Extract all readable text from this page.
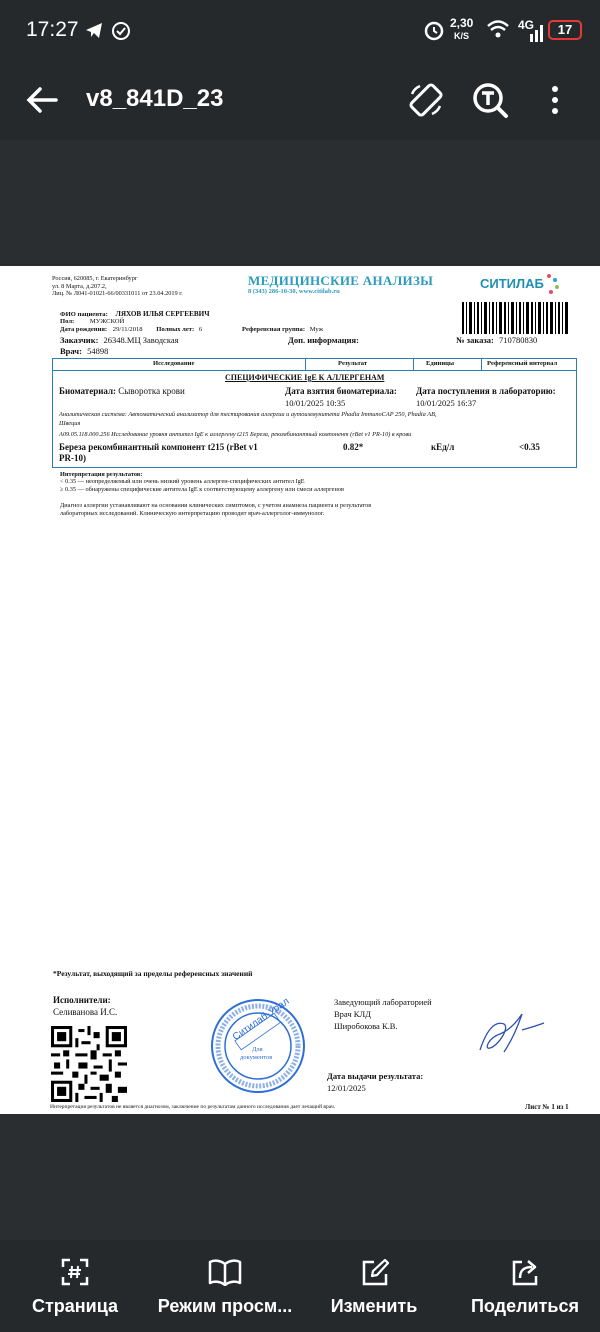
17:27	2,30
K/S
4G	17
v8_841D_23
Россия, 620085, г. Екатеринбург
ул. 8 Марта, д.207.2,
Лиц. № Л041-01021-66/00331011 от 23.04.2019 г.
МЕДИЦИНСКИЕ АНАЛИЗЫ
8 (343) 286-10-30, www.citilab.ru
СИТИЛАБ
ФИО пациента: ЛЯХОВ ИЛЬЯ СЕРГЕЕВИЧ
Пол: МУЖСКОЙ
Дата рождения: 29/11/2018 Полных лет: 6	Референсная группа: Муж
Заказчик: 26348.МЦ Заводская	Доп. информация:	№ заказа: 710780830
Врач: 54898
Исследование	Результат	Единицы	Референсный интервал
СПЕЦИФИЧЕСКИЕ IgE К АЛЛЕРГЕНАМ
Биоматериал: Сыворотка крови	Дата взятия биоматериала:
10/01/2025 10:35
Дата поступления в лабораторию:
10/01/2025 16:37
Аналитическая система: Автоматический анализатор для тестирования аллергии и аутоиммунитета Phadia ImmunoCAP 250, Phadia AB,
Швеция
A09.05.118.000.256 Исследование уровня антител IgE к аллергену t215 Береза, рекомбинантный компонент (rBet v1 PR-10) в крови
Береза рекомбинантный компонент t215 (rBet v1
PR-10)
0.82*	кЕд/л	<0.35
Интерпретация результатов:
< 0.35 — неопределяемый или очень низкий уровень аллерген-специфических антител IgE
≥ 0.35 — обнаружены специфические антитела IgE к соответствующему аллергену или смеси аллергенов
Диагноз аллергии устанавливают на основании клинических симптомов, с учетом анамнеза пациента и результатов
лабораторных исследований. Клиническую интерпретацию проводит врач-аллерголог-иммунолог.
*Результат, выходящий за пределы референсных значений
Исполнители:
Селиванова И.С.	Ситилаб-Урал
Для
документов
Заведующий лабораторией
Врач КЛД
Широбокова К.В.
Дата выдачи результата:
12/01/2025
Интерпретация результатов не является диагнозом, заключение по результатам данного исследования дает лечащий врач.	Лист № 1 из 1
Страница	Режим просм...	Изменить	Поделиться
